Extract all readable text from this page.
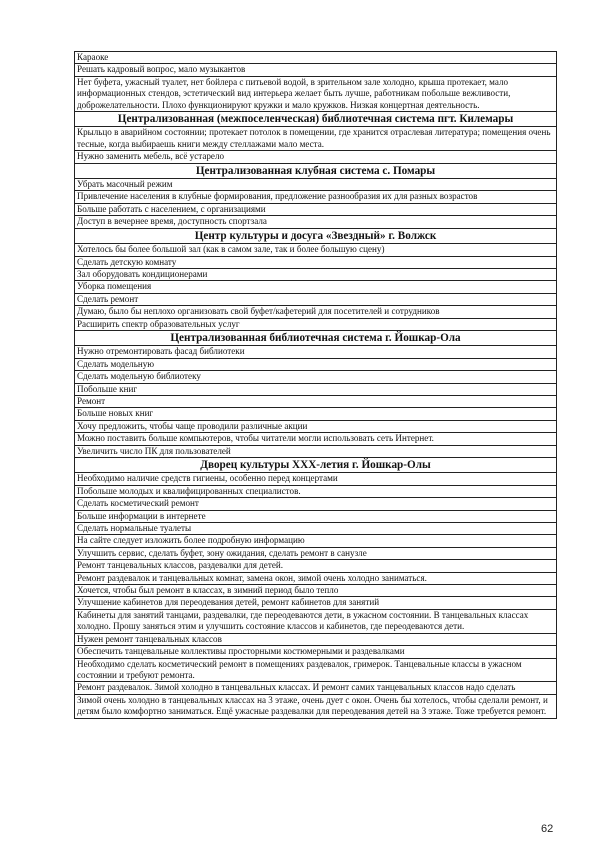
Караоке
Решать кадровый вопрос, мало музыкантов
Нет буфета, ужасный туалет, нет бойлера с питьевой водой, в зрительном зале холодно, крыша протекает, мало информационных стендов, эстетический вид интерьера желает быть лучше, работникам побольше вежливости, доброжелательности. Плохо функционируют кружки и мало кружков. Низкая концертная деятельность.
Централизованная (межпоселенческая) библиотечная система пгт. Килемары
Крыльцо в аварийном состоянии; протекает потолок в помещении, где хранится отраслевая литература; помещения очень тесные, когда выбираешь книги между стеллажами мало места.
Нужно заменить мебель, всё устарело
Централизованная клубная система с. Помары
Убрать масочный режим
Привлечение населения в клубные формирования, предложение разнообразия их для разных возрастов
Больше работать с населением, с организациями
Доступ в вечернее время, доступность спортзала
Центр культуры и досуга «Звездный» г. Волжск
Хотелось бы более большой зал (как в самом зале, так и более большую сцену)
Сделать детскую комнату
Зал оборудовать кондиционерами
Уборка помещения
Сделать ремонт
Думаю, было бы неплохо организовать свой буфет/кафетерий для посетителей и сотрудников
Расширить спектр образовательных услуг
Централизованная библиотечная система г. Йошкар-Ола
Нужно отремонтировать фасад библиотеки
Сделать модельную
Сделать модельную библиотеку
Побольше книг
Ремонт
Больше новых книг
Хочу предложить, чтобы чаще проводили различные акции
Можно поставить больше компьютеров, чтобы читатели могли использовать сеть Интернет.
Увеличить число ПК для пользователей
Дворец культуры ХХХ-летия г. Йошкар-Олы
Необходимо наличие средств гигиены, особенно перед концертами
Побольше молодых и квалифицированных специалистов.
Сделать косметический ремонт
Больше информации в интернете
Сделать нормальные туалеты
На сайте следует изложить более подробную информацию
Улучшить сервис, сделать буфет, зону ожидания, сделать ремонт в санузле
Ремонт танцевальных классов, раздевалки для детей.
Ремонт раздевалок и танцевальных комнат, замена окон, зимой очень холодно заниматься.
Хочется, чтобы был ремонт в классах, в зимний период было тепло
Улучшение кабинетов для переодевания детей, ремонт кабинетов для занятий
Кабинеты для занятий танцами, раздевалки, где переодеваются дети, в ужасном состоянии. В танцевальных классах холодно. Прошу заняться этим и улучшить состояние классов и кабинетов, где переодеваются дети.
Нужен ремонт танцевальных классов
Обеспечить танцевальные коллективы просторными костюмерными и раздевалками
Необходимо сделать косметический ремонт в помещениях раздевалок, гримерок. Танцевальные классы в ужасном состоянии и требуют ремонта.
Ремонт раздевалок. Зимой холодно в танцевальных классах. И ремонт самих танцевальных классов надо сделать
Зимой очень холодно в танцевальных классах на 3 этаже, очень дует с окон. Очень бы хотелось, чтобы сделали ремонт, и детям было комфортно заниматься. Ещё ужасные раздевалки для переодевания детей на 3 этаже. Тоже требуется ремонт.
62
